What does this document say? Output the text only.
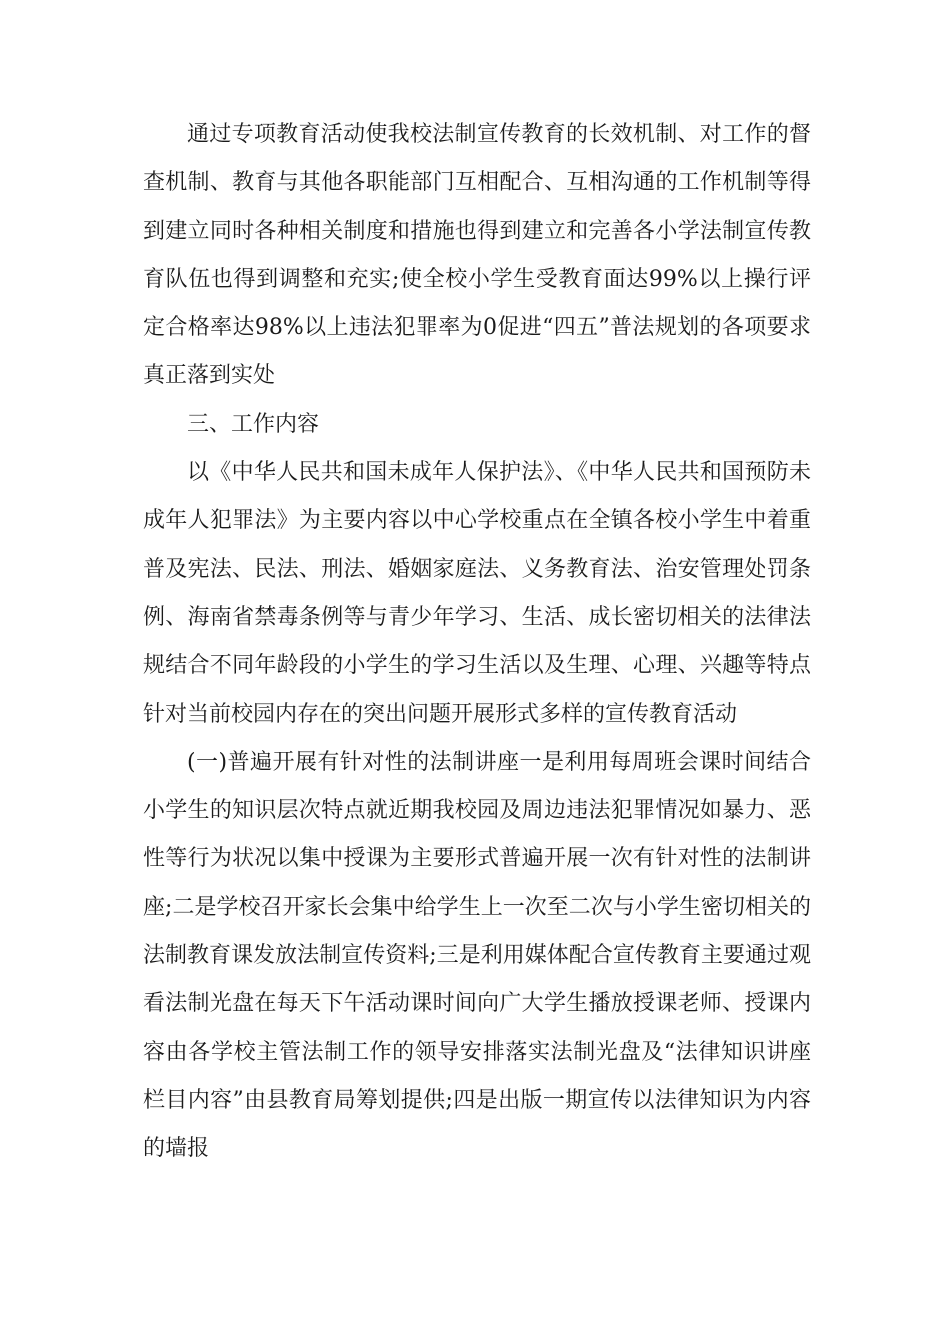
通过专项教育活动使我校法制宣传教育的长效机制、对工作的督查机制、教育与其他各职能部门互相配合、互相沟通的工作机制等得到建立同时各种相关制度和措施也得到建立和完善各小学法制宣传教育队伍也得到调整和充实;使全校小学生受教育面达99%以上操行评定合格率达98%以上违法犯罪率为0促进“四五”普法规划的各项要求真正落到实处

三、工作内容

以《中华人民共和国未成年人保护法》、《中华人民共和国预防未成年人犯罪法》为主要内容以中心学校重点在全镇各校小学生中着重普及宪法、民法、刑法、婚姻家庭法、义务教育法、治安管理处罚条例、海南省禁毒条例等与青少年学习、生活、成长密切相关的法律法规结合不同年龄段的小学生的学习生活以及生理、心理、兴趣等特点针对当前校园内存在的突出问题开展形式多样的宣传教育活动

(一)普遍开展有针对性的法制讲座一是利用每周班会课时间结合小学生的知识层次特点就近期我校园及周边违法犯罪情况如暴力、恶性等行为状况以集中授课为主要形式普遍开展一次有针对性的法制讲座;二是学校召开家长会集中给学生上一次至二次与小学生密切相关的法制教育课发放法制宣传资料;三是利用媒体配合宣传教育主要通过观看法制光盘在每天下午活动课时间向广大学生播放授课老师、授课内容由各学校主管法制工作的领导安排落实法制光盘及“法律知识讲座栏目内容”由县教育局筹划提供;四是出版一期宣传以法律知识为内容的墙报
